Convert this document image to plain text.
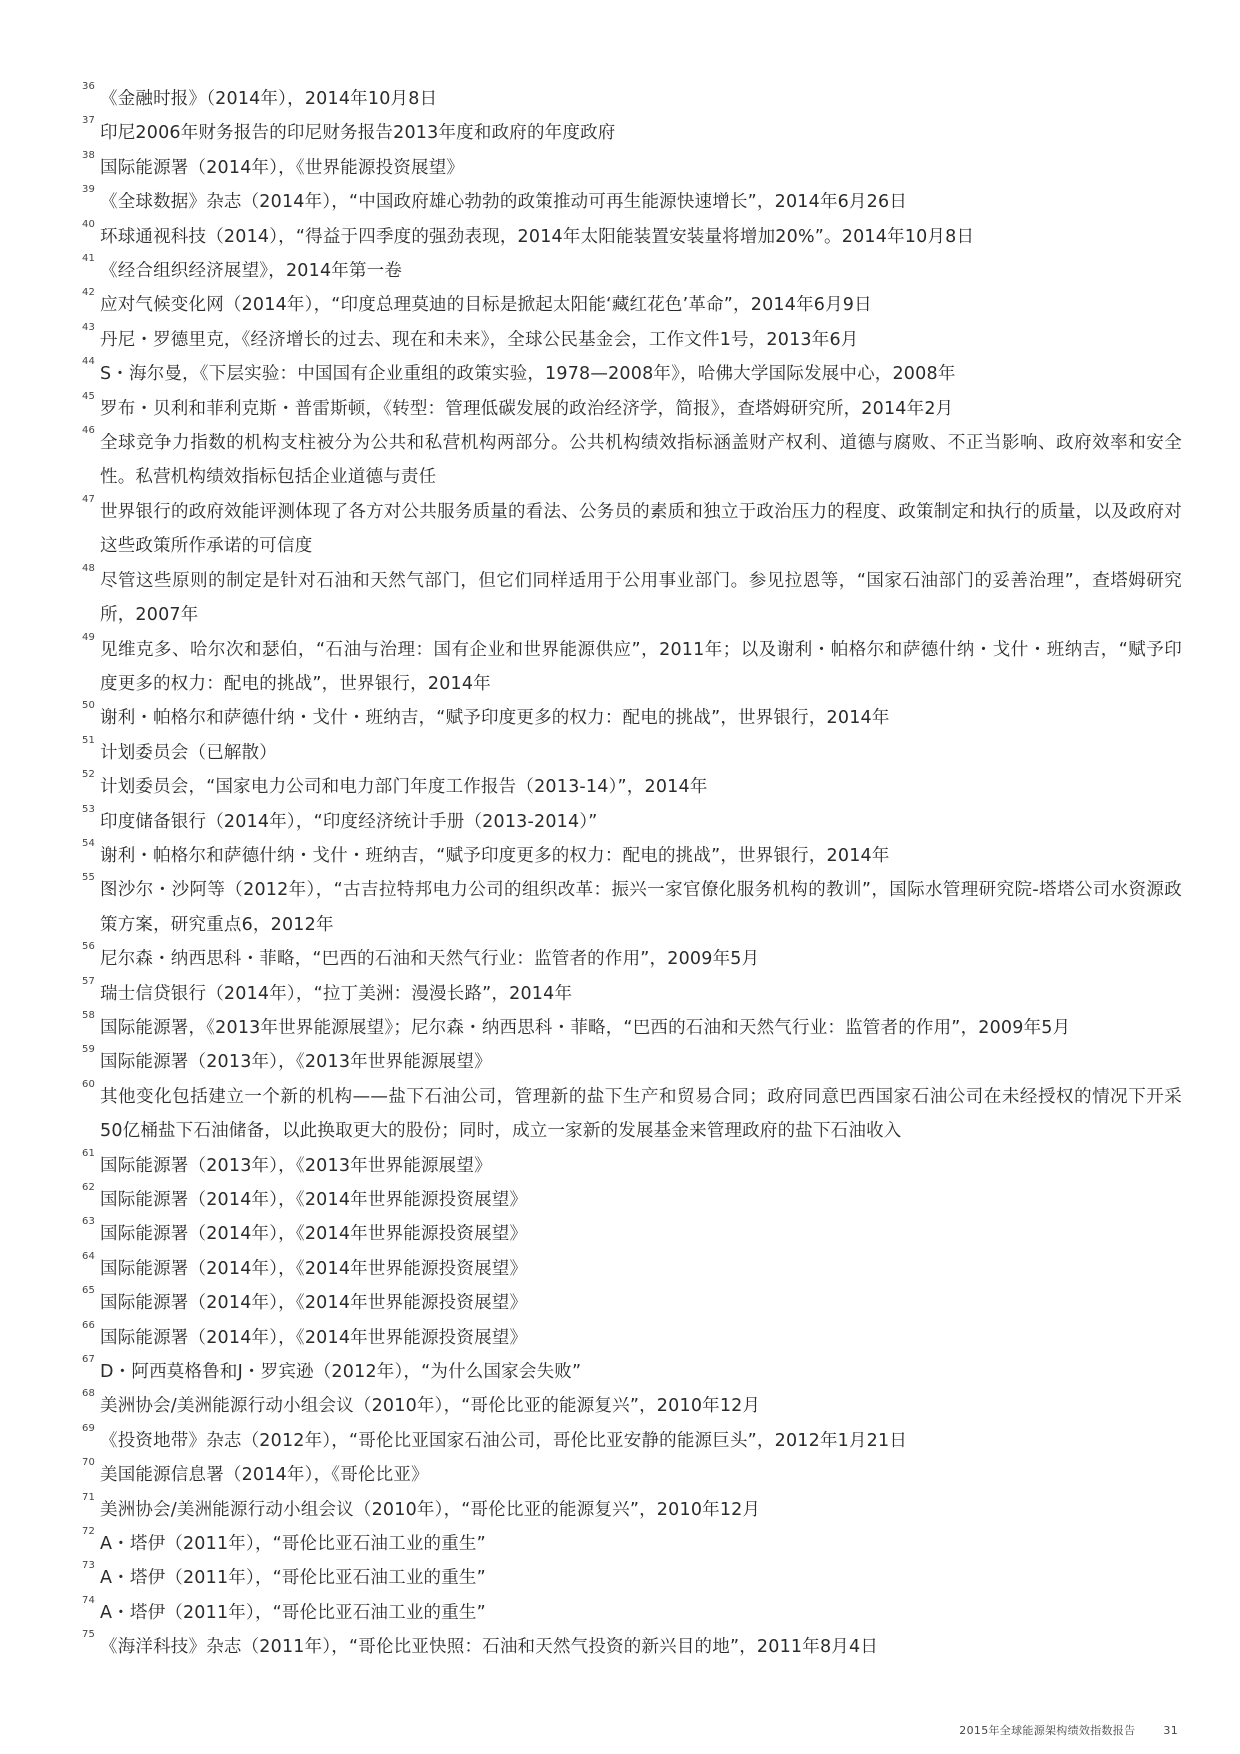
36
《金融时报》（2014年），2014年10月8日
37
印尼2006年财务报告的印尼财务报告2013年度和政府的年度政府
38
国际能源署（2014年），《世界能源投资展望》
39
《全球数据》杂志（2014年），“中国政府雄心勃勃的政策推动可再生能源快速增长”，2014年6月26日
40
环球通视科技（2014），“得益于四季度的强劲表现，2014年太阳能装置安装量将增加20%”。2014年10月8日
41
《经合组织经济展望》，2014年第一卷
42
应对气候变化网（2014年），“印度总理莫迪的目标是掀起太阳能‘藏红花色’革命”，2014年6月9日
43
丹尼・罗德里克，《经济增长的过去、现在和未来》，全球公民基金会，工作文件1号，2013年6月
44
S・海尔曼，《下层实验：中国国有企业重组的政策实验，1978—2008年》，哈佛大学国际发展中心，2008年
45
罗布・贝利和菲利克斯・普雷斯顿，《转型：管理低碳发展的政治经济学，简报》，查塔姆研究所，2014年2月
46
全球竞争力指数的机构支柱被分为公共和私营机构两部分。公共机构绩效指标涵盖财产权利、道德与腐败、不正当影响、政府效率和安全性。私营机构绩效指标包括企业道德与责任
47
世界银行的政府效能评测体现了各方对公共服务质量的看法、公务员的素质和独立于政治压力的程度、政策制定和执行的质量，以及政府对这些政策所作承诺的可信度
48
尽管这些原则的制定是针对石油和天然气部门，但它们同样适用于公用事业部门。参见拉恩等，“国家石油部门的妥善治理”，查塔姆研究所，2007年
49
见维克多、哈尔次和瑟伯，“石油与治理：国有企业和世界能源供应”，2011年；以及谢利・帕格尔和萨德什纳・戈什・班纳吉，“赋予印度更多的权力：配电的挑战”，世界银行，2014年
50
谢利・帕格尔和萨德什纳・戈什・班纳吉，“赋予印度更多的权力：配电的挑战”，世界银行，2014年
51
计划委员会（已解散）
52
计划委员会，“国家电力公司和电力部门年度工作报告（2013-14）”，2014年
53
印度储备银行（2014年），“印度经济统计手册（2013-2014）”
54
谢利・帕格尔和萨德什纳・戈什・班纳吉，“赋予印度更多的权力：配电的挑战”，世界银行，2014年
55
图沙尔・沙阿等（2012年），“古吉拉特邦电力公司的组织改革：振兴一家官僚化服务机构的教训”，国际水管理研究院-塔塔公司水资源政策方案，研究重点6，2012年
56
尼尔森・纳西思科・菲略，“巴西的石油和天然气行业：监管者的作用”，2009年5月
57
瑞士信贷银行（2014年），“拉丁美洲：漫漫长路”，2014年
58
国际能源署，《2013年世界能源展望》；尼尔森・纳西思科・菲略，“巴西的石油和天然气行业：监管者的作用”，2009年5月
59
国际能源署（2013年），《2013年世界能源展望》
60
其他变化包括建立一个新的机构——盐下石油公司，管理新的盐下生产和贸易合同；政府同意巴西国家石油公司在未经授权的情况下开采50亿桶盐下石油储备，以此换取更大的股份；同时，成立一家新的发展基金来管理政府的盐下石油收入
61
国际能源署（2013年），《2013年世界能源展望》
62
国际能源署（2014年），《2014年世界能源投资展望》
63
国际能源署（2014年），《2014年世界能源投资展望》
64
国际能源署（2014年），《2014年世界能源投资展望》
65
国际能源署（2014年），《2014年世界能源投资展望》
66
国际能源署（2014年），《2014年世界能源投资展望》
67
D・阿西莫格鲁和J・罗宾逊（2012年），“为什么国家会失败”
68
美洲协会/美洲能源行动小组会议（2010年），“哥伦比亚的能源复兴”，2010年12月
69
《投资地带》杂志（2012年），“哥伦比亚国家石油公司，哥伦比亚安静的能源巨头”，2012年1月21日
70
美国能源信息署（2014年），《哥伦比亚》
71
美洲协会/美洲能源行动小组会议（2010年），“哥伦比亚的能源复兴”，2010年12月
72
A・塔伊（2011年），“哥伦比亚石油工业的重生”
73
A・塔伊（2011年），“哥伦比亚石油工业的重生”
74
A・塔伊（2011年），“哥伦比亚石油工业的重生”
75
《海洋科技》杂志（2011年），“哥伦比亚快照：石油和天然气投资的新兴目的地”，2011年8月4日
2015年全球能源架构绩效指数报告	31
